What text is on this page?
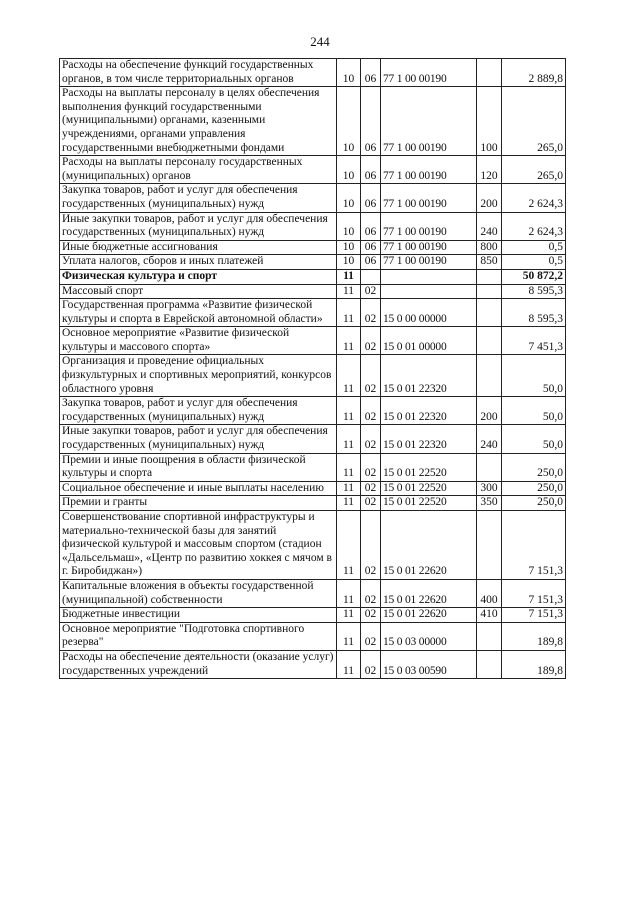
244
Расходы на обеспечение функций государственных органов, в том числе территориальных органов	10	06	77 1 00 00190		2 889,8
Расходы на выплаты персоналу в целях обеспечения выполнения функций государственными (муниципальными) органами, казенными учреждениями, органами управления государственными внебюджетными фондами	10	06	77 1 00 00190	100	265,0
Расходы на выплаты персоналу государственных (муниципальных) органов	10	06	77 1 00 00190	120	265,0
Закупка товаров, работ и услуг для обеспечения государственных (муниципальных) нужд	10	06	77 1 00 00190	200	2 624,3
Иные закупки товаров, работ и услуг для обеспечения государственных (муниципальных) нужд	10	06	77 1 00 00190	240	2 624,3
Иные бюджетные ассигнования	10	06	77 1 00 00190	800	0,5
Уплата налогов, сборов и иных платежей	10	06	77 1 00 00190	850	0,5
Физическая культура и спорт	11				50 872,2
Массовый спорт	11	02			8 595,3
Государственная программа «Развитие физической культуры и спорта в Еврейской автономной области»	11	02	15 0 00 00000		8 595,3
Основное мероприятие «Развитие физической культуры и массового спорта»	11	02	15 0 01 00000		7 451,3
Организация и проведение официальных физкультурных и спортивных мероприятий, конкурсов областного уровня	11	02	15 0 01 22320		50,0
Закупка товаров, работ и услуг для обеспечения государственных (муниципальных) нужд	11	02	15 0 01 22320	200	50,0
Иные закупки товаров, работ и услуг для обеспечения государственных (муниципальных) нужд	11	02	15 0 01 22320	240	50,0
Премии и иные поощрения в области физической культуры и спорта	11	02	15 0 01 22520		250,0
Социальное обеспечение и иные выплаты населению	11	02	15 0 01 22520	300	250,0
Премии и гранты	11	02	15 0 01 22520	350	250,0
Совершенствование спортивной инфраструктуры и материально-технической базы для занятий физической культурой и массовым спортом (стадион «Дальсельмаш», «Центр по развитию хоккея с мячом в г. Биробиджан»)	11	02	15 0 01 22620		7 151,3
Капитальные вложения в объекты государственной (муниципальной) собственности	11	02	15 0 01 22620	400	7 151,3
Бюджетные инвестиции	11	02	15 0 01 22620	410	7 151,3
Основное мероприятие "Подготовка спортивного резерва"	11	02	15 0 03 00000		189,8
Расходы на обеспечение деятельности (оказание услуг) государственных учреждений	11	02	15 0 03 00590		189,8
